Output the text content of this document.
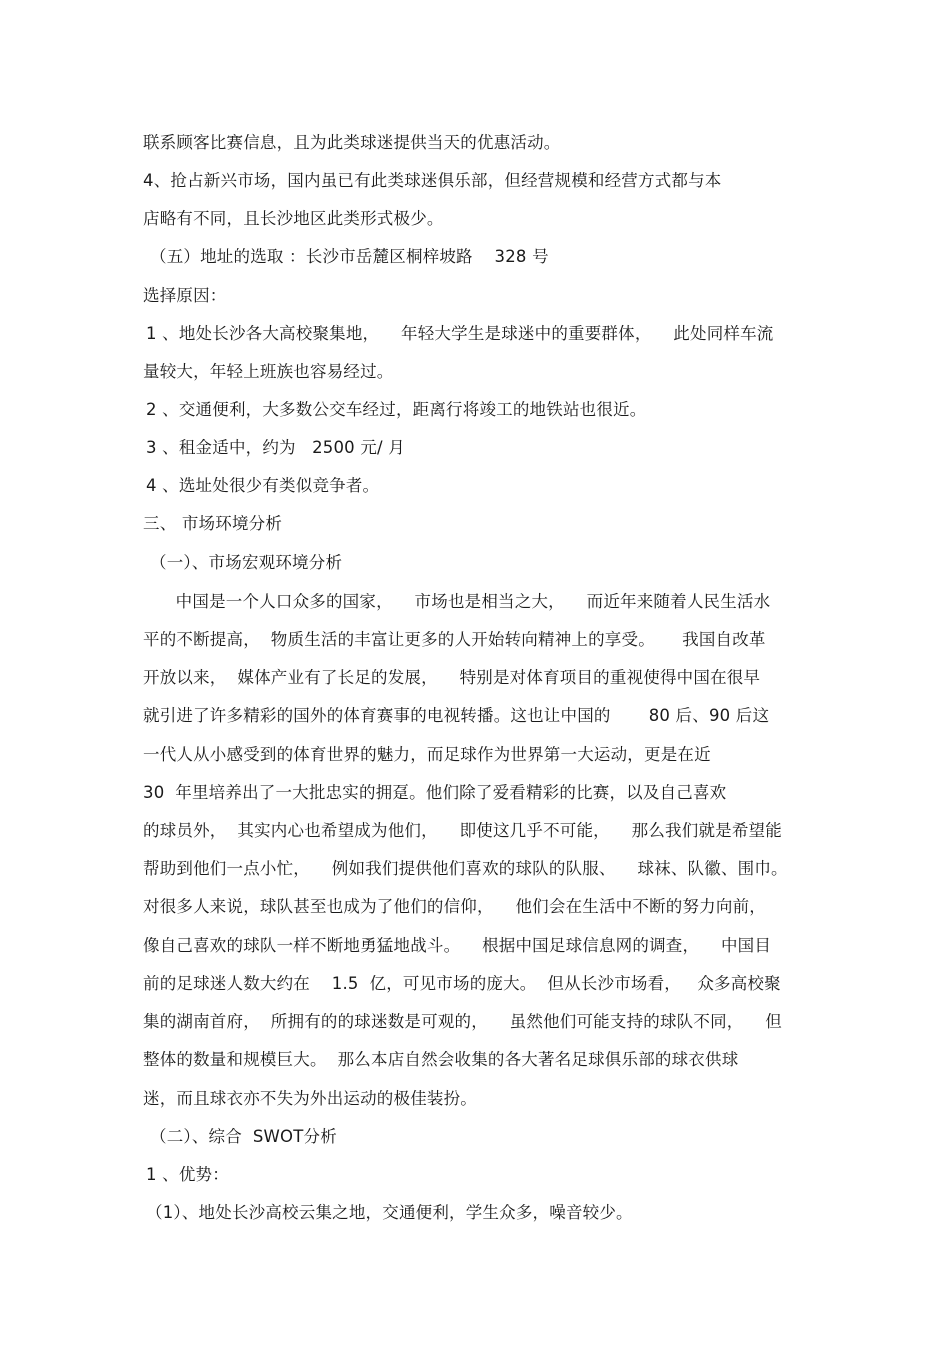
联系顾客比赛信息，且为此类球迷提供当天的优惠活动。
4、抢占新兴市场，国内虽已有此类球迷俱乐部，但经营规模和经营方式都与本
店略有不同，且长沙地区此类形式极少。
（五）地址的选取 ：长沙市岳麓区桐梓坡路    328 号
选择原因：
1 、地处长沙各大高校聚集地，    年轻大学生是球迷中的重要群体，    此处同样车流
量较大，年轻上班族也容易经过。
2 、交通便利，大多数公交车经过，距离行将竣工的地铁站也很近。
3 、租金适中，约为   2500 元/ 月
4 、选址处很少有类似竞争者。
三、 市场环境分析
（一）、市场宏观环境分析
中国是一个人口众多的国家，    市场也是相当之大，    而近年来随着人民生活水
平的不断提高，  物质生活的丰富让更多的人开始转向精神上的享受。     我国自改革
开放以来，  媒体产业有了长足的发展，    特别是对体育项目的重视使得中国在很早
就引进了许多精彩的国外的体育赛事的电视转播。这也让中国的       80 后、90 后这
一代人从小感受到的体育世界的魅力，而足球作为世界第一大运动，更是在近
30  年里培养出了一大批忠实的拥趸。他们除了爱看精彩的比赛，以及自己喜欢
的球员外，  其实内心也希望成为他们，    即使这几乎不可能，    那么我们就是希望能
帮助到他们一点小忙，    例如我们提供他们喜欢的球队的队服、    球袜、队徽、围巾。
对很多人来说，球队甚至也成为了他们的信仰，    他们会在生活中不断的努力向前，
像自己喜欢的球队一样不断地勇猛地战斗。    根据中国足球信息网的调查，    中国目
前的足球迷人数大约在    1.5  亿，可见市场的庞大。  但从长沙市场看，   众多高校聚
集的湖南首府，  所拥有的的球迷数是可观的，    虽然他们可能支持的球队不同，    但
整体的数量和规模巨大。  那么本店自然会收集的各大著名足球俱乐部的球衣供球
迷，而且球衣亦不失为外出运动的极佳装扮。
（二）、综合  SWOT分析
1 、优势：
（1）、地处长沙高校云集之地，交通便利，学生众多，噪音较少。
